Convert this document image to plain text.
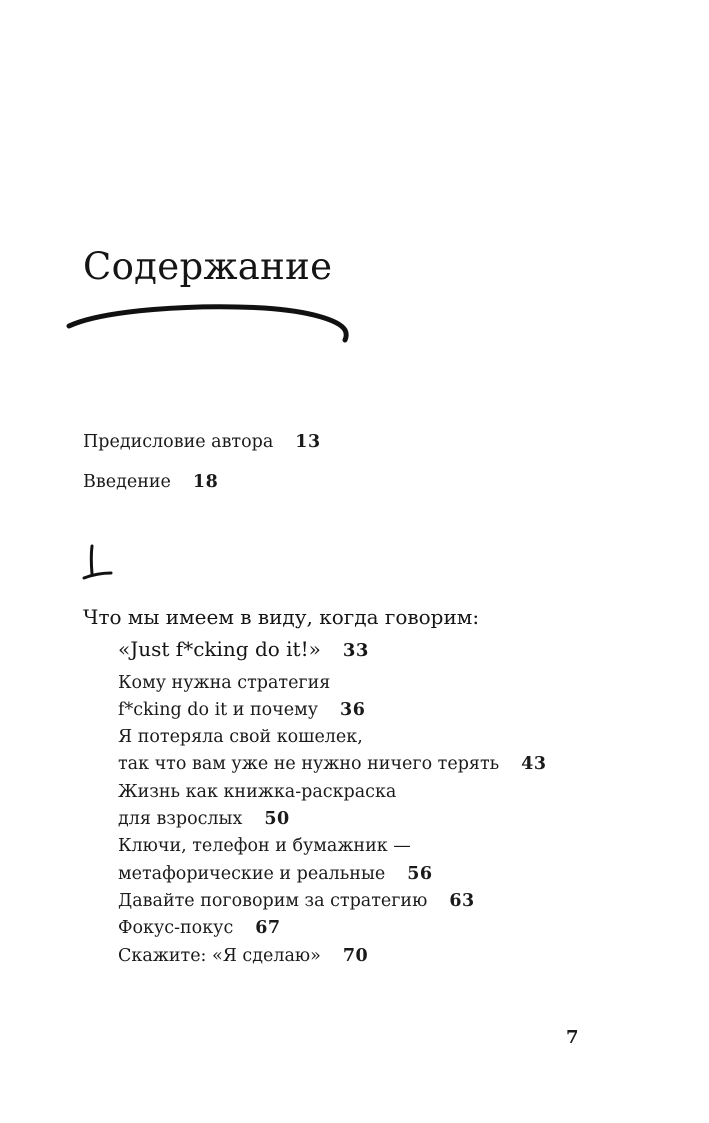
Содержание
Предисловие автора 13
Введение 18
Что мы имеем в виду, когда говорим:
«Just f*cking do it!» 33
Кому нужна стратегия
f*cking do it и почему 36
Я потеряла свой кошелек,
так что вам уже не нужно ничего терять 43
Жизнь как книжка-раскраска
для взрослых 50
Ключи, телефон и бумажник —
метафорические и реальные 56
Давайте поговорим за стратегию 63
Фокус-покус 67
Скажите: «Я сделаю» 70
7
